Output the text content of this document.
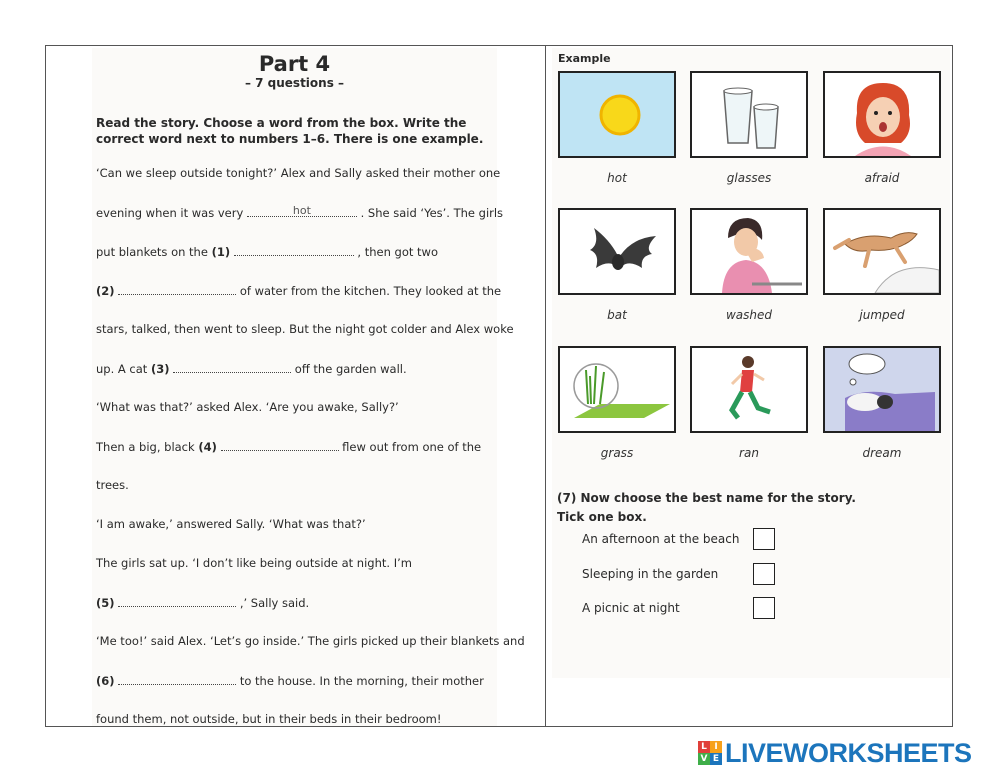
Part 4
– 7 questions –
Read the story. Choose a word from the box. Write the correct word next to numbers 1–6. There is one example.
‘Can we sleep outside tonight?’ Alex and Sally asked their mother one
evening when it was very	hot	. She said ‘Yes’. The girls
put blankets on the (1)	, then got two
(2)	of water from the kitchen. They looked at the
stars, talked, then went to sleep. But the night got colder and Alex woke
up. A cat (3)	off the garden wall.
‘What was that?’ asked Alex. ‘Are you awake, Sally?’
Then a big, black (4)	flew out from one of the
trees.
‘I am awake,’ answered Sally. ‘What was that?’
The girls sat up. ‘I don’t like being outside at night. I’m
(5)	,’ Sally said.
‘Me too!’ said Alex. ‘Let’s go inside.’ The girls picked up their blankets and
(6)	to the house. In the morning, their mother
found them, not outside, but in their beds in their bedroom!
Example
hot	glasses	afraid
bat	washed	jumped
grass	ran	dream
(7) Now choose the best name for the story.
Tick one box.
An afternoon at the beach
Sleeping in the garden
A picnic at night
L I
V E LIVEWORKSHEETS
